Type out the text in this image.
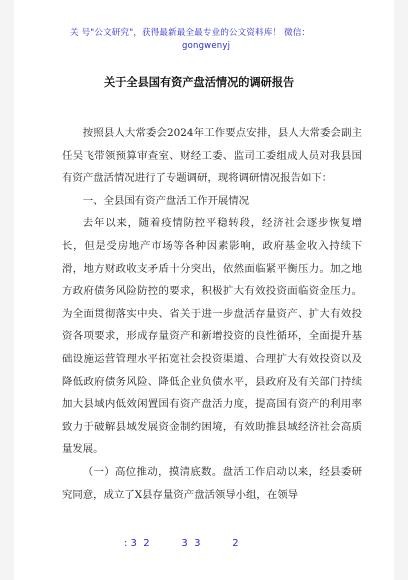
关 号"公文研究"，获得最新最全最专业的公文资料库！ 微信：
gongwenyj
关于全县国有资产盘活情况的调研报告

按照县人大常委会2024年工作要点安排，县人大常委会副主任吴飞带领预算审查室、财经工委、监司工委组成人员对我县国有资产盘活情况进行了专题调研，现将调研情况报告如下：

一、全县国有资产盘活工作开展情况

去年以来，随着疫情防控平稳转段，经济社会逐步恢复增长，但是受房地产市场等各种因素影响，政府基金收入持续下滑，地方财政收支矛盾十分突出，依然面临紧平衡压力。加之地方政府债务风险防控的要求，积极扩大有效投资面临资金压力。为全面贯彻落实中央、省关于进一步盘活存量资产、扩大有效投资各项要求，形成存量资产和新增投资的良性循环，全面提升基础设施运营管理水平拓宽社会投资渠道、合理扩大有效投资以及降低政府债务风险、降低企业负债水平，县政府及有关部门持续加大县域内低效闲置国有资产盘活力度，提高国有资产的利用率致力于破解县域发展资金制约困境，有效助推县域经济社会高质量发展。

（一）高位推动，摸清底数。盘活工作启动以来，经县委研究同意，成立了X县存量资产盘活领导小组，在领导

: 3  2          3  3          2
